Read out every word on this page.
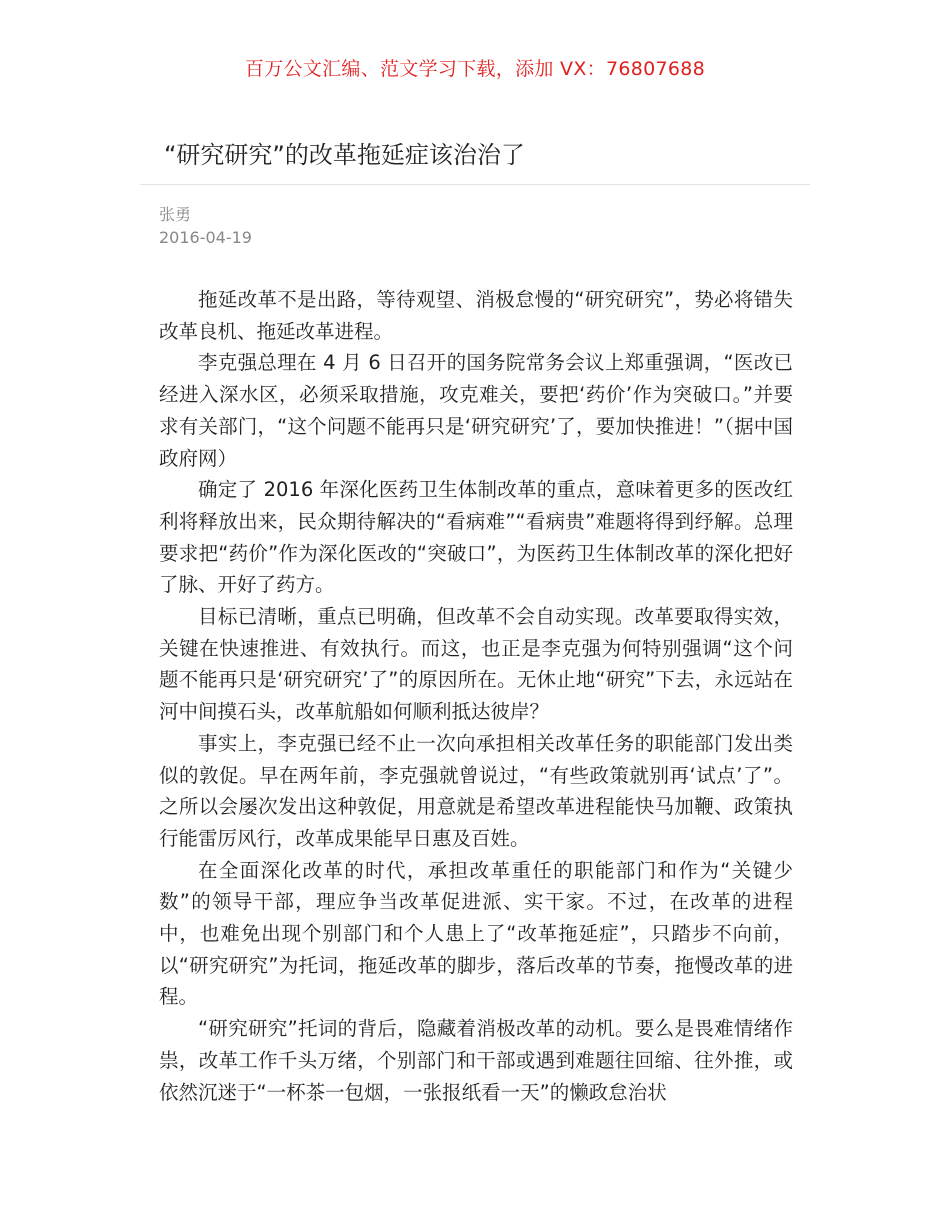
百万公文汇编、范文学习下载，添加 VX：76807688
“研究研究”的改革拖延症该治治了
张勇
2016-04-19

拖延改革不是出路，等待观望、消极怠慢的“研究研究”，势必将错失改革良机、拖延改革进程。

李克强总理在 4 月 6 日召开的国务院常务会议上郑重强调，“医改已经进入深水区，必须采取措施，攻克难关，要把‘药价’作为突破口。”并要求有关部门，“这个问题不能再只是‘研究研究’了，要加快推进！”（据中国政府网）

确定了 2016 年深化医药卫生体制改革的重点，意味着更多的医改红利将释放出来，民众期待解决的“看病难”“看病贵”难题将得到纾解。总理要求把“药价”作为深化医改的“突破口”，为医药卫生体制改革的深化把好了脉、开好了药方。

目标已清晰，重点已明确，但改革不会自动实现。改革要取得实效，关键在快速推进、有效执行。而这，也正是李克强为何特别强调“这个问题不能再只是‘研究研究’了”的原因所在。无休止地“研究”下去，永远站在河中间摸石头，改革航船如何顺利抵达彼岸？

事实上，李克强已经不止一次向承担相关改革任务的职能部门发出类似的敦促。早在两年前，李克强就曾说过，“有些政策就别再‘试点’了”。之所以会屡次发出这种敦促，用意就是希望改革进程能快马加鞭、政策执行能雷厉风行，改革成果能早日惠及百姓。

在全面深化改革的时代，承担改革重任的职能部门和作为“关键少数”的领导干部，理应争当改革促进派、实干家。不过，在改革的进程中，也难免出现个别部门和个人患上了“改革拖延症”，只踏步不向前，以“研究研究”为托词，拖延改革的脚步，落后改革的节奏，拖慢改革的进程。

“研究研究”托词的背后，隐藏着消极改革的动机。要么是畏难情绪作祟，改革工作千头万绪，个别部门和干部或遇到难题往回缩、往外推，或依然沉迷于“一杯茶一包烟，一张报纸看一天”的懒政怠治状
